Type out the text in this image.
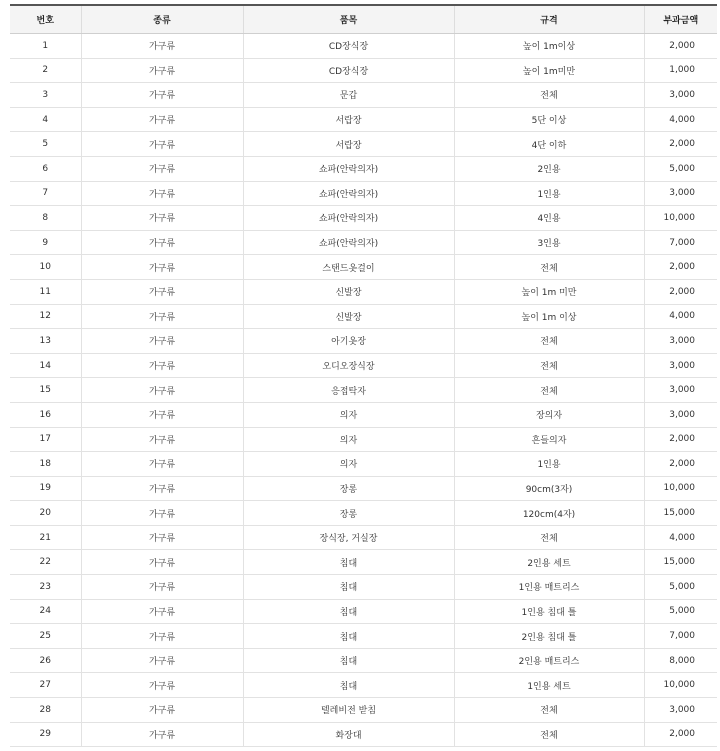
번호	종류	품목	규격	부과금액
1	가구류	CD장식장	높이 1m이상	2,000
2	가구류	CD장식장	높이 1m미만	1,000
3	가구류	문갑	전체	3,000
4	가구류	서랍장	5단 이상	4,000
5	가구류	서랍장	4단 이하	2,000
6	가구류	쇼파(안락의자)	2인용	5,000
7	가구류	쇼파(안락의자)	1인용	3,000
8	가구류	쇼파(안락의자)	4인용	10,000
9	가구류	쇼파(안락의자)	3인용	7,000
10	가구류	스탠드옷걸이	전체	2,000
11	가구류	신발장	높이 1m 미만	2,000
12	가구류	신발장	높이 1m 이상	4,000
13	가구류	아기옷장	전체	3,000
14	가구류	오디오장식장	전체	3,000
15	가구류	응접탁자	전체	3,000
16	가구류	의자	장의자	3,000
17	가구류	의자	흔들의자	2,000
18	가구류	의자	1인용	2,000
19	가구류	장롱	90cm(3자)	10,000
20	가구류	장롱	120cm(4자)	15,000
21	가구류	장식장, 거실장	전체	4,000
22	가구류	침대	2인용 세트	15,000
23	가구류	침대	1인용 매트리스	5,000
24	가구류	침대	1인용 침대 틀	5,000
25	가구류	침대	2인용 침대 틀	7,000
26	가구류	침대	2인용 매트리스	8,000
27	가구류	침대	1인용 세트	10,000
28	가구류	텔레비전 받침	전체	3,000
29	가구류	화장대	전체	2,000
